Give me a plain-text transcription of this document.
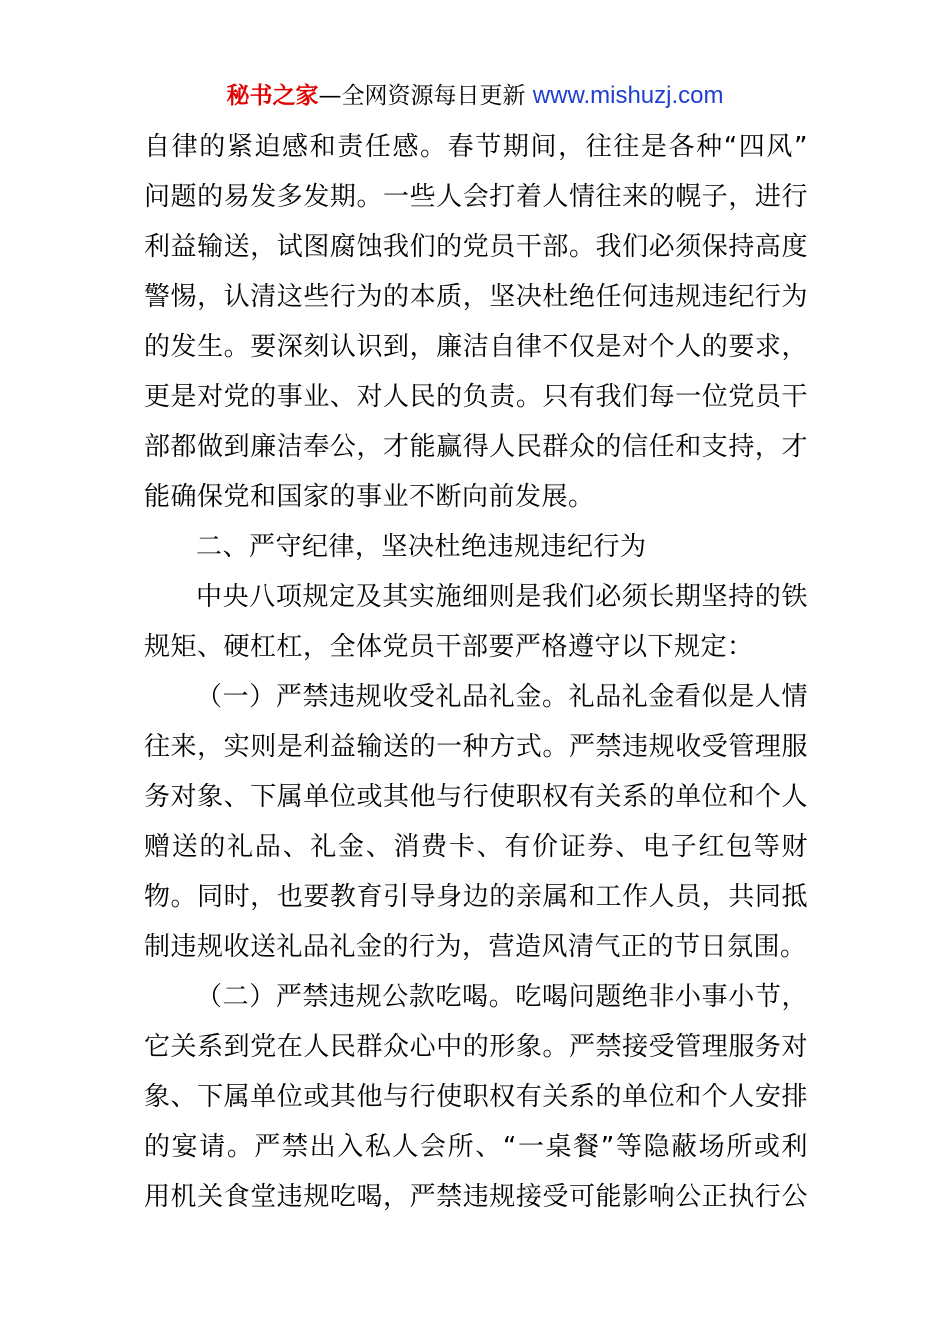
秘书之家—全网资源每日更新 www.mishuzj.com
自律的紧迫感和责任感。春节期间，往往是各种“四风”
问题的易发多发期。一些人会打着人情往来的幌子，进行
利益输送，试图腐蚀我们的党员干部。我们必须保持高度
警惕，认清这些行为的本质，坚决杜绝任何违规违纪行为
的发生。要深刻认识到，廉洁自律不仅是对个人的要求，
更是对党的事业、对人民的负责。只有我们每一位党员干
部都做到廉洁奉公，才能赢得人民群众的信任和支持，才
能确保党和国家的事业不断向前发展。
二、严守纪律，坚决杜绝违规违纪行为
中央八项规定及其实施细则是我们必须长期坚持的铁
规矩、硬杠杠，全体党员干部要严格遵守以下规定：
（一）严禁违规收受礼品礼金。礼品礼金看似是人情
往来，实则是利益输送的一种方式。严禁违规收受管理服
务对象、下属单位或其他与行使职权有关系的单位和个人
赠送的礼品、礼金、消费卡、有价证券、电子红包等财
物。同时，也要教育引导身边的亲属和工作人员，共同抵
制违规收送礼品礼金的行为，营造风清气正的节日氛围。
（二）严禁违规公款吃喝。吃喝问题绝非小事小节，
它关系到党在人民群众心中的形象。严禁接受管理服务对
象、下属单位或其他与行使职权有关系的单位和个人安排
的宴请。严禁出入私人会所、“一桌餐”等隐蔽场所或利
用机关食堂违规吃喝，严禁违规接受可能影响公正执行公
